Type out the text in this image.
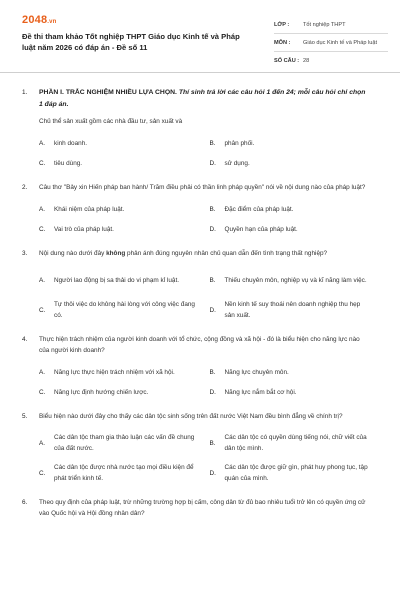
2048.vn
Đề thi tham khảo Tốt nghiệp THPT Giáo dục Kinh tế và Pháp luật năm 2026 có đáp án - Đề số 11
LỚP :	Tốt nghiệp THPT
MÔN :	Giáo dục Kinh tế và Pháp luật
SỐ CÂU : 28
1.	PHẦN I. TRẮC NGHIỆM NHIỀU LỰA CHỌN. Thí sinh trả lời các câu hỏi 1 đến 24; mỗi câu hỏi chỉ chọn 1 đáp án.
Chủ thể sản xuất gồm các nhà đầu tư, sản xuất và
A.	kinh doanh.	B.	phân phối.
C.	tiêu dùng.	D.	sử dụng.
2.	Câu thơ "Bảy xin Hiến pháp ban hành/ Trăm điều phải có thần linh pháp quyền" nói về nội dung nào của pháp luật?
A.	Khái niệm của pháp luật.	B.	Đặc điểm của pháp luật.
C.	Vai trò của pháp luật.	D.	Quyền hạn của pháp luật.
3.	Nội dung nào dưới đây không phản ánh đúng nguyên nhân chủ quan dẫn đến tình trạng thất nghiệp?
A.	Người lao động bị sa thải do vi phạm kỉ luật.	B.	Thiếu chuyên môn, nghiệp vụ và kĩ năng làm việc.
C.
Tự thôi việc do không hài lòng với công việc đang có.
D.
Nền kinh tế suy thoái nên doanh nghiệp thu hẹp sản xuất.
4.	Thực hiện trách nhiệm của người kinh doanh với tổ chức, cộng đồng và xã hội - đó là biểu hiện cho năng lực nào của người kinh doanh?
A.	Năng lực thực hiện trách nhiệm với xã hội.	B.	Năng lực chuyên môn.
C.	Năng lực định hướng chiến lược.	D.	Năng lực nắm bắt cơ hội.
5.	Biểu hiện nào dưới đây cho thấy các dân tộc sinh sống trên đất nước Việt Nam đều bình đẳng về chính trị?
A.
Các dân tộc tham gia thảo luận các vấn đề chung của đất nước.
B.
Các dân tộc có quyền dùng tiếng nói, chữ viết của dân tộc mình.
C.
Các dân tộc được nhà nước tạo mọi điều kiện để phát triển kinh tế.
D.
Các dân tộc được giữ gìn, phát huy phong tục, tập quán của mình.
6.	Theo quy định của pháp luật, trừ những trường hợp bị cấm, công dân từ đủ bao nhiêu tuổi trở lên có quyền ứng cử vào Quốc hội và Hội đồng nhân dân?
